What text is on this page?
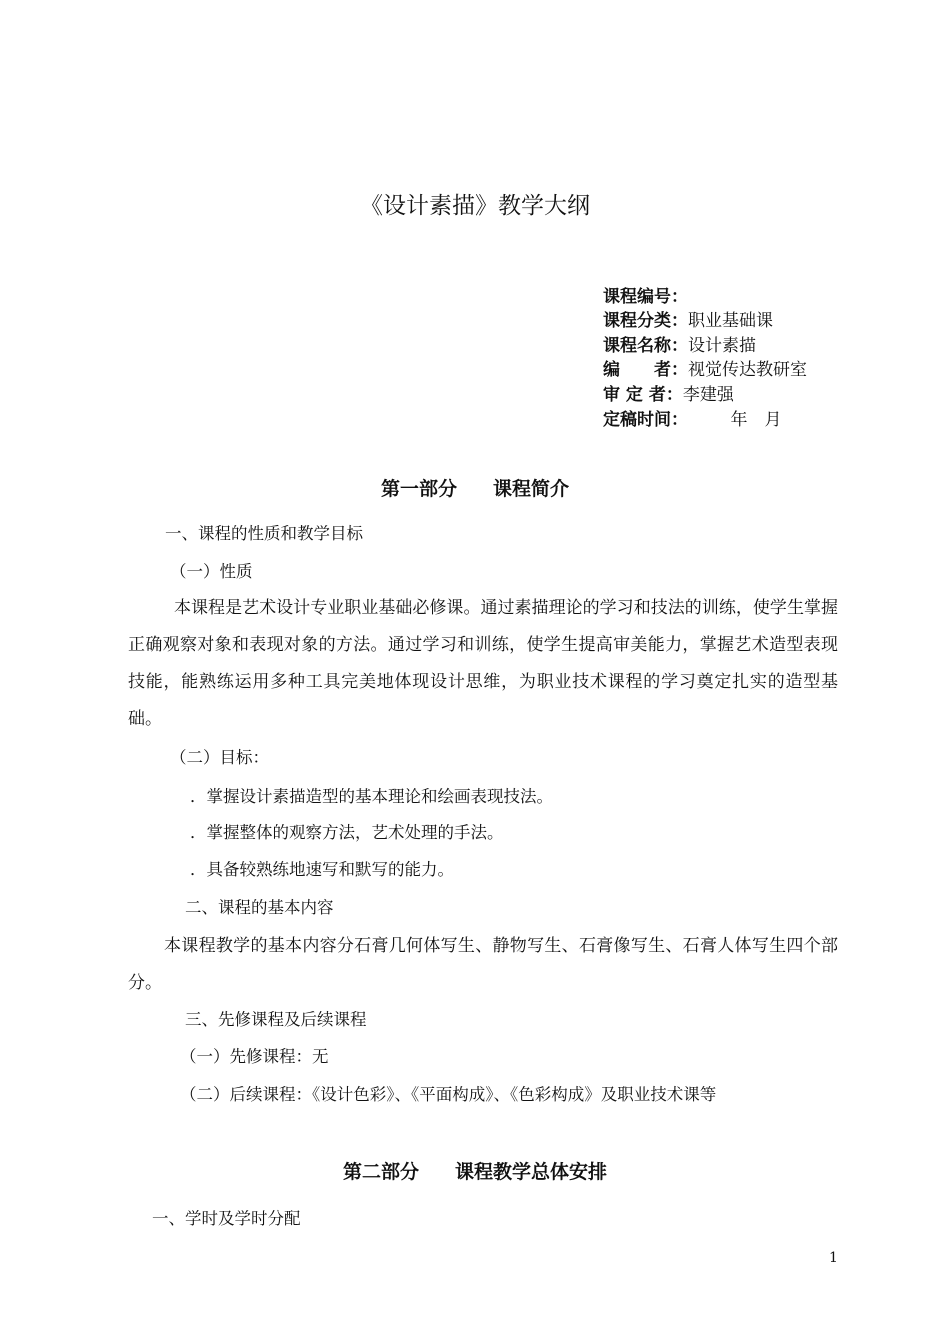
《设计素描》教学大纲
课程编号：
课程分类：职业基础课
课程名称：设计素描
编　　者：视觉传达教研室
审 定 者：李建强
定稿时间：　　　年　月
第一部分 课程简介
一、课程的性质和教学目标
（一）性质
本课程是艺术设计专业职业基础必修课。通过素描理论的学习和技法的训练，使学生掌握正确观察对象和表现对象的方法。通过学习和训练，使学生提高审美能力，掌握艺术造型表现技能，能熟练运用多种工具完美地体现设计思维，为职业技术课程的学习奠定扎实的造型基础。
（二）目标：
．掌握设计素描造型的基本理论和绘画表现技法。
．掌握整体的观察方法，艺术处理的手法。
．具备较熟练地速写和默写的能力。
二、课程的基本内容
本课程教学的基本内容分石膏几何体写生、静物写生、石膏像写生、石膏人体写生四个部分。
三、先修课程及后续课程
（一）先修课程：无
（二）后续课程：《设计色彩》、《平面构成》、《色彩构成》及职业技术课等
第二部分 课程教学总体安排
一、学时及学时分配
1
